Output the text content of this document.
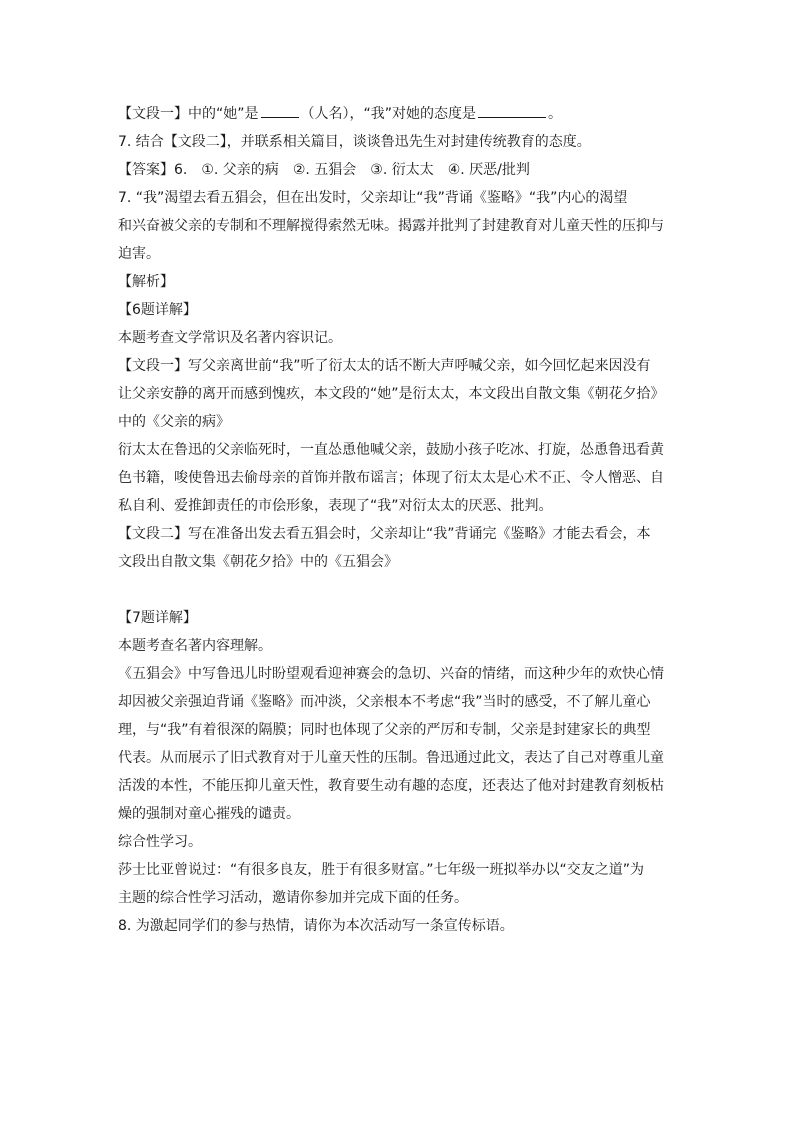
【文段一】中的“她”是	（人名），“我”对她的态度是	。
7. 结合【文段二】，并联系相关篇目，谈谈鲁迅先生对封建传统教育的态度。
【答案】6. ①. 父亲的病 ②. 五猖会 ③. 衍太太 ④. 厌恶/批判
7. “我”渴望去看五猖会，但在出发时，父亲却让“我”背诵《鉴略》“我”内心的渴望
和兴奋被父亲的专制和不理解搅得索然无味。揭露并批判了封建教育对儿童天性的压抑与
迫害。
【解析】
【6题详解】
本题考查文学常识及名著内容识记。
【文段一】写父亲离世前“我”听了衍太太的话不断大声呼喊父亲，如今回忆起来因没有
让父亲安静的离开而感到愧疚，本文段的“她”是衍太太，本文段出自散文集《朝花夕拾》
中的《父亲的病》
衍太太在鲁迅的父亲临死时，一直怂恿他喊父亲，鼓励小孩子吃冰、打旋，怂恿鲁迅看黄
色书籍，唆使鲁迅去偷母亲的首饰并散布谣言；体现了衍太太是心术不正、令人憎恶、自
私自利、爱推卸责任的市侩形象，表现了“我”对衍太太的厌恶、批判。
【文段二】写在准备出发去看五猖会时，父亲却让“我”背诵完《鉴略》才能去看会，本
文段出自散文集《朝花夕拾》中的《五猖会》
【7题详解】
本题考查名著内容理解。
《五猖会》中写鲁迅儿时盼望观看迎神赛会的急切、兴奋的情绪，而这种少年的欢快心情
却因被父亲强迫背诵《鉴略》而冲淡，父亲根本不考虑“我”当时的感受，不了解儿童心
理，与“我”有着很深的隔膜；同时也体现了父亲的严厉和专制，父亲是封建家长的典型
代表。从而展示了旧式教育对于儿童天性的压制。鲁迅通过此文，表达了自己对尊重儿童
活泼的本性，不能压抑儿童天性，教育要生动有趣的态度，还表达了他对封建教育刻板枯
燥的强制对童心摧残的谴责。
综合性学习。
莎士比亚曾说过：“有很多良友，胜于有很多财富。”七年级一班拟举办以“交友之道”为
主题的综合性学习活动，邀请你参加并完成下面的任务。
8. 为激起同学们的参与热情，请你为本次活动写一条宣传标语。
